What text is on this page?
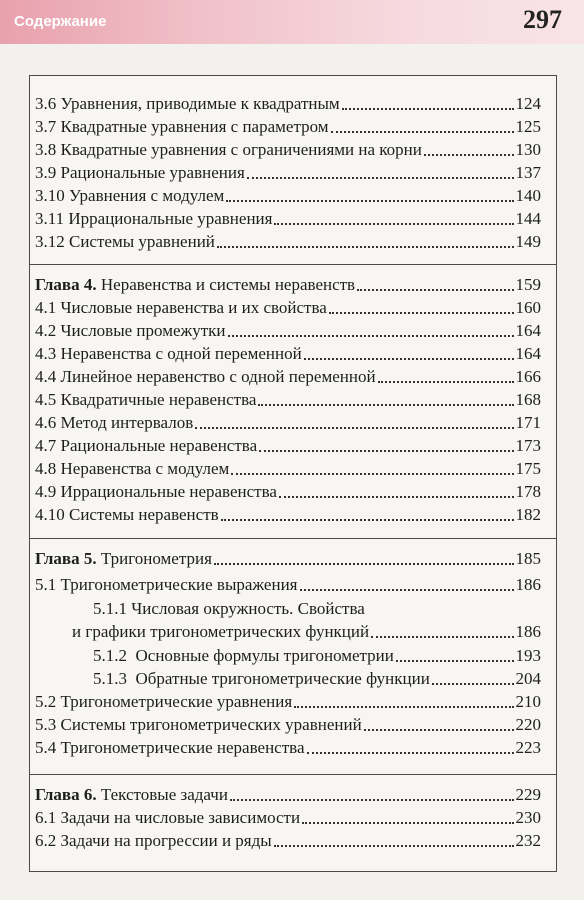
Содержание	297
3.6 Уравнения, приводимые к квадратным	124
3.7 Квадратные уравнения с параметром	125
3.8 Квадратные уравнения с ограничениями на корни	130
3.9 Рациональные уравнения	137
3.10 Уравнения с модулем	140
3.11 Иррациональные уравнения	144
3.12 Системы уравнений	149
Глава 4. Неравенства и системы неравенств	159
4.1 Числовые неравенства и их свойства	160
4.2 Числовые промежутки	164
4.3 Неравенства с одной переменной	164
4.4 Линейное неравенство с одной переменной	166
4.5 Квадратичные неравенства	168
4.6 Метод интервалов	171
4.7 Рациональные неравенства	173
4.8 Неравенства с модулем	175
4.9 Иррациональные неравенства	178
4.10 Системы неравенств	182
Глава 5. Тригонометрия	185
5.1 Тригонометрические выражения	186
5.1.1 Числовая окружность. Свойства
и графики тригонометрических функций	186
5.1.2 Основные формулы тригонометрии	193
5.1.3 Обратные тригонометрические функции	204
5.2 Тригонометрические уравнения	210
5.3 Системы тригонометрических уравнений	220
5.4 Тригонометрические неравенства	223
Глава 6. Текстовые задачи	229
6.1 Задачи на числовые зависимости	230
6.2 Задачи на прогрессии и ряды	232
